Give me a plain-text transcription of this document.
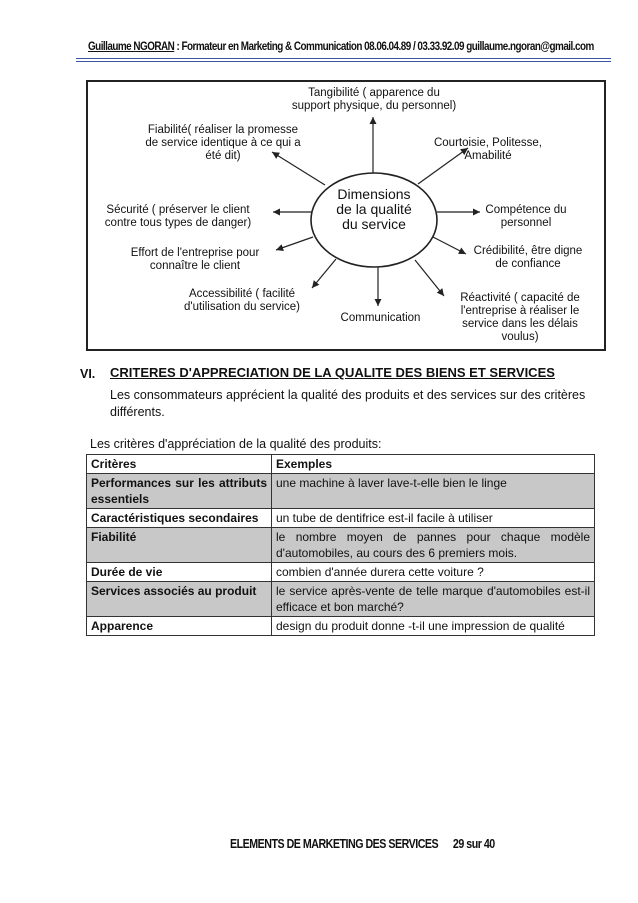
Guillaume NGORAN : Formateur en Marketing & Communication 08.06.04.89 / 03.33.92.09 guillaume.ngoran@gmail.com
Dimensions
de la qualité
du service
Tangibilité ( apparence du
support physique, du personnel)
Courtoisie, Politesse,
Amabilité
Compétence du
personnel
Crédibilité, être digne
de confiance
Réactivité ( capacité de
l'entreprise à réaliser le
service dans les délais
voulus)
Communication
Accessibilité ( facilité
d'utilisation du service)
Effort de l'entreprise pour
connaître le client
Sécurité ( préserver le client
contre tous types de danger)
Fiabilité( réaliser la promesse
de service identique à ce qui a
été dit)
VI. CRITERES D'APPRECIATION DE LA QUALITE DES BIENS ET SERVICES
Les consommateurs apprécient la qualité des produits et des services sur des critères différents.
Les critères d'appréciation de la qualité des produits:
Critères	Exemples
Performances sur les attributs essentiels	une machine à laver lave-t-elle bien le linge
Caractéristiques secondaires	un tube de dentifrice est-il facile à utiliser
Fiabilité	le nombre moyen de pannes pour chaque modèle d'automobiles, au cours des 6 premiers mois.
Durée de vie	combien d'année durera cette voiture ?
Services associés au produit	le service après-vente de telle marque d'automobiles est-il efficace et bon marché?
Apparence	design du produit donne -t-il une impression de qualité
ELEMENTS DE MARKETING DES SERVICES 29 sur 40
